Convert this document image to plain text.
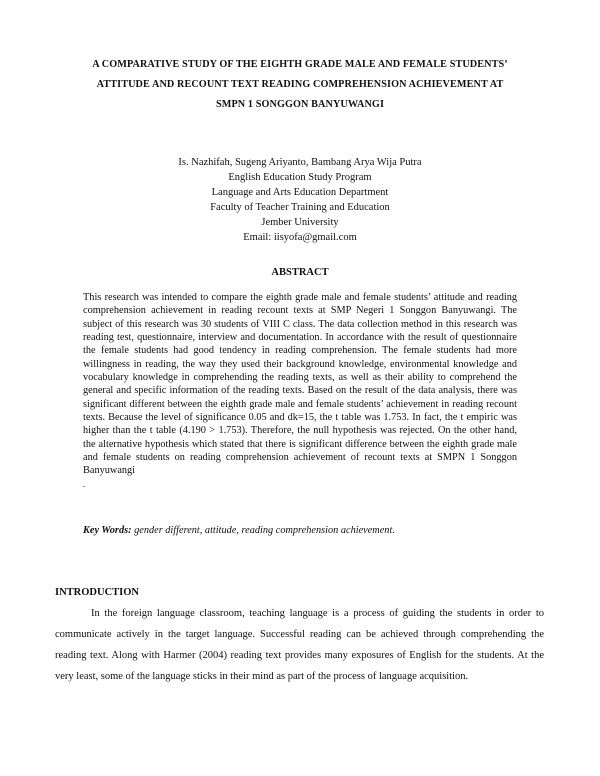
A COMPARATIVE STUDY OF THE EIGHTH GRADE MALE AND FEMALE STUDENTS’
ATTITUDE AND RECOUNT TEXT READING COMPREHENSION ACHIEVEMENT AT
SMPN 1 SONGGON BANYUWANGI
Is. Nazhifah, Sugeng Ariyanto, Bambang Arya Wija Putra
English Education Study Program
Language and Arts Education Department
Faculty of Teacher Training and Education
Jember University
Email: iisyofa@gmail.com
ABSTRACT
This research was intended to compare the eighth grade male and female students’ attitude and reading comprehension achievement in reading recount texts at SMP Negeri 1 Songgon Banyuwangi. The subject of this research was 30 students of VIII C class. The data collection method in this research was reading test, questionnaire, interview and documentation. In accordance with the result of questionnaire the female students had good tendency in reading comprehension. The female students had more willingness in reading, the way they used their background knowledge, environmental knowledge and vocabulary knowledge in comprehending the reading texts, as well as their ability to comprehend the general and specific information of the reading texts. Based on the result of the data analysis, there was significant different between the eighth grade male and female students’ achievement in reading recount texts. Because the level of significance 0.05 and dk=15, the t table was 1.753. In fact, the t empiric was higher than the t table (4.190 > 1.753). Therefore, the null hypothesis was rejected. On the other hand, the alternative hypothesis which stated that there is significant difference between the eighth grade male and female students on reading comprehension achievement of recount texts at SMPN 1 Songgon Banyuwangi
.
Key Words: gender different, attitude, reading comprehension achievement.
INTRODUCTION
In the foreign language classroom, teaching language is a process of guiding the students in order to communicate actively in the target language. Successful reading can be achieved through comprehending the reading text. Along with Harmer (2004) reading text provides many exposures of English for the students. At the very least, some of the language sticks in their mind as part of the process of language acquisition.
